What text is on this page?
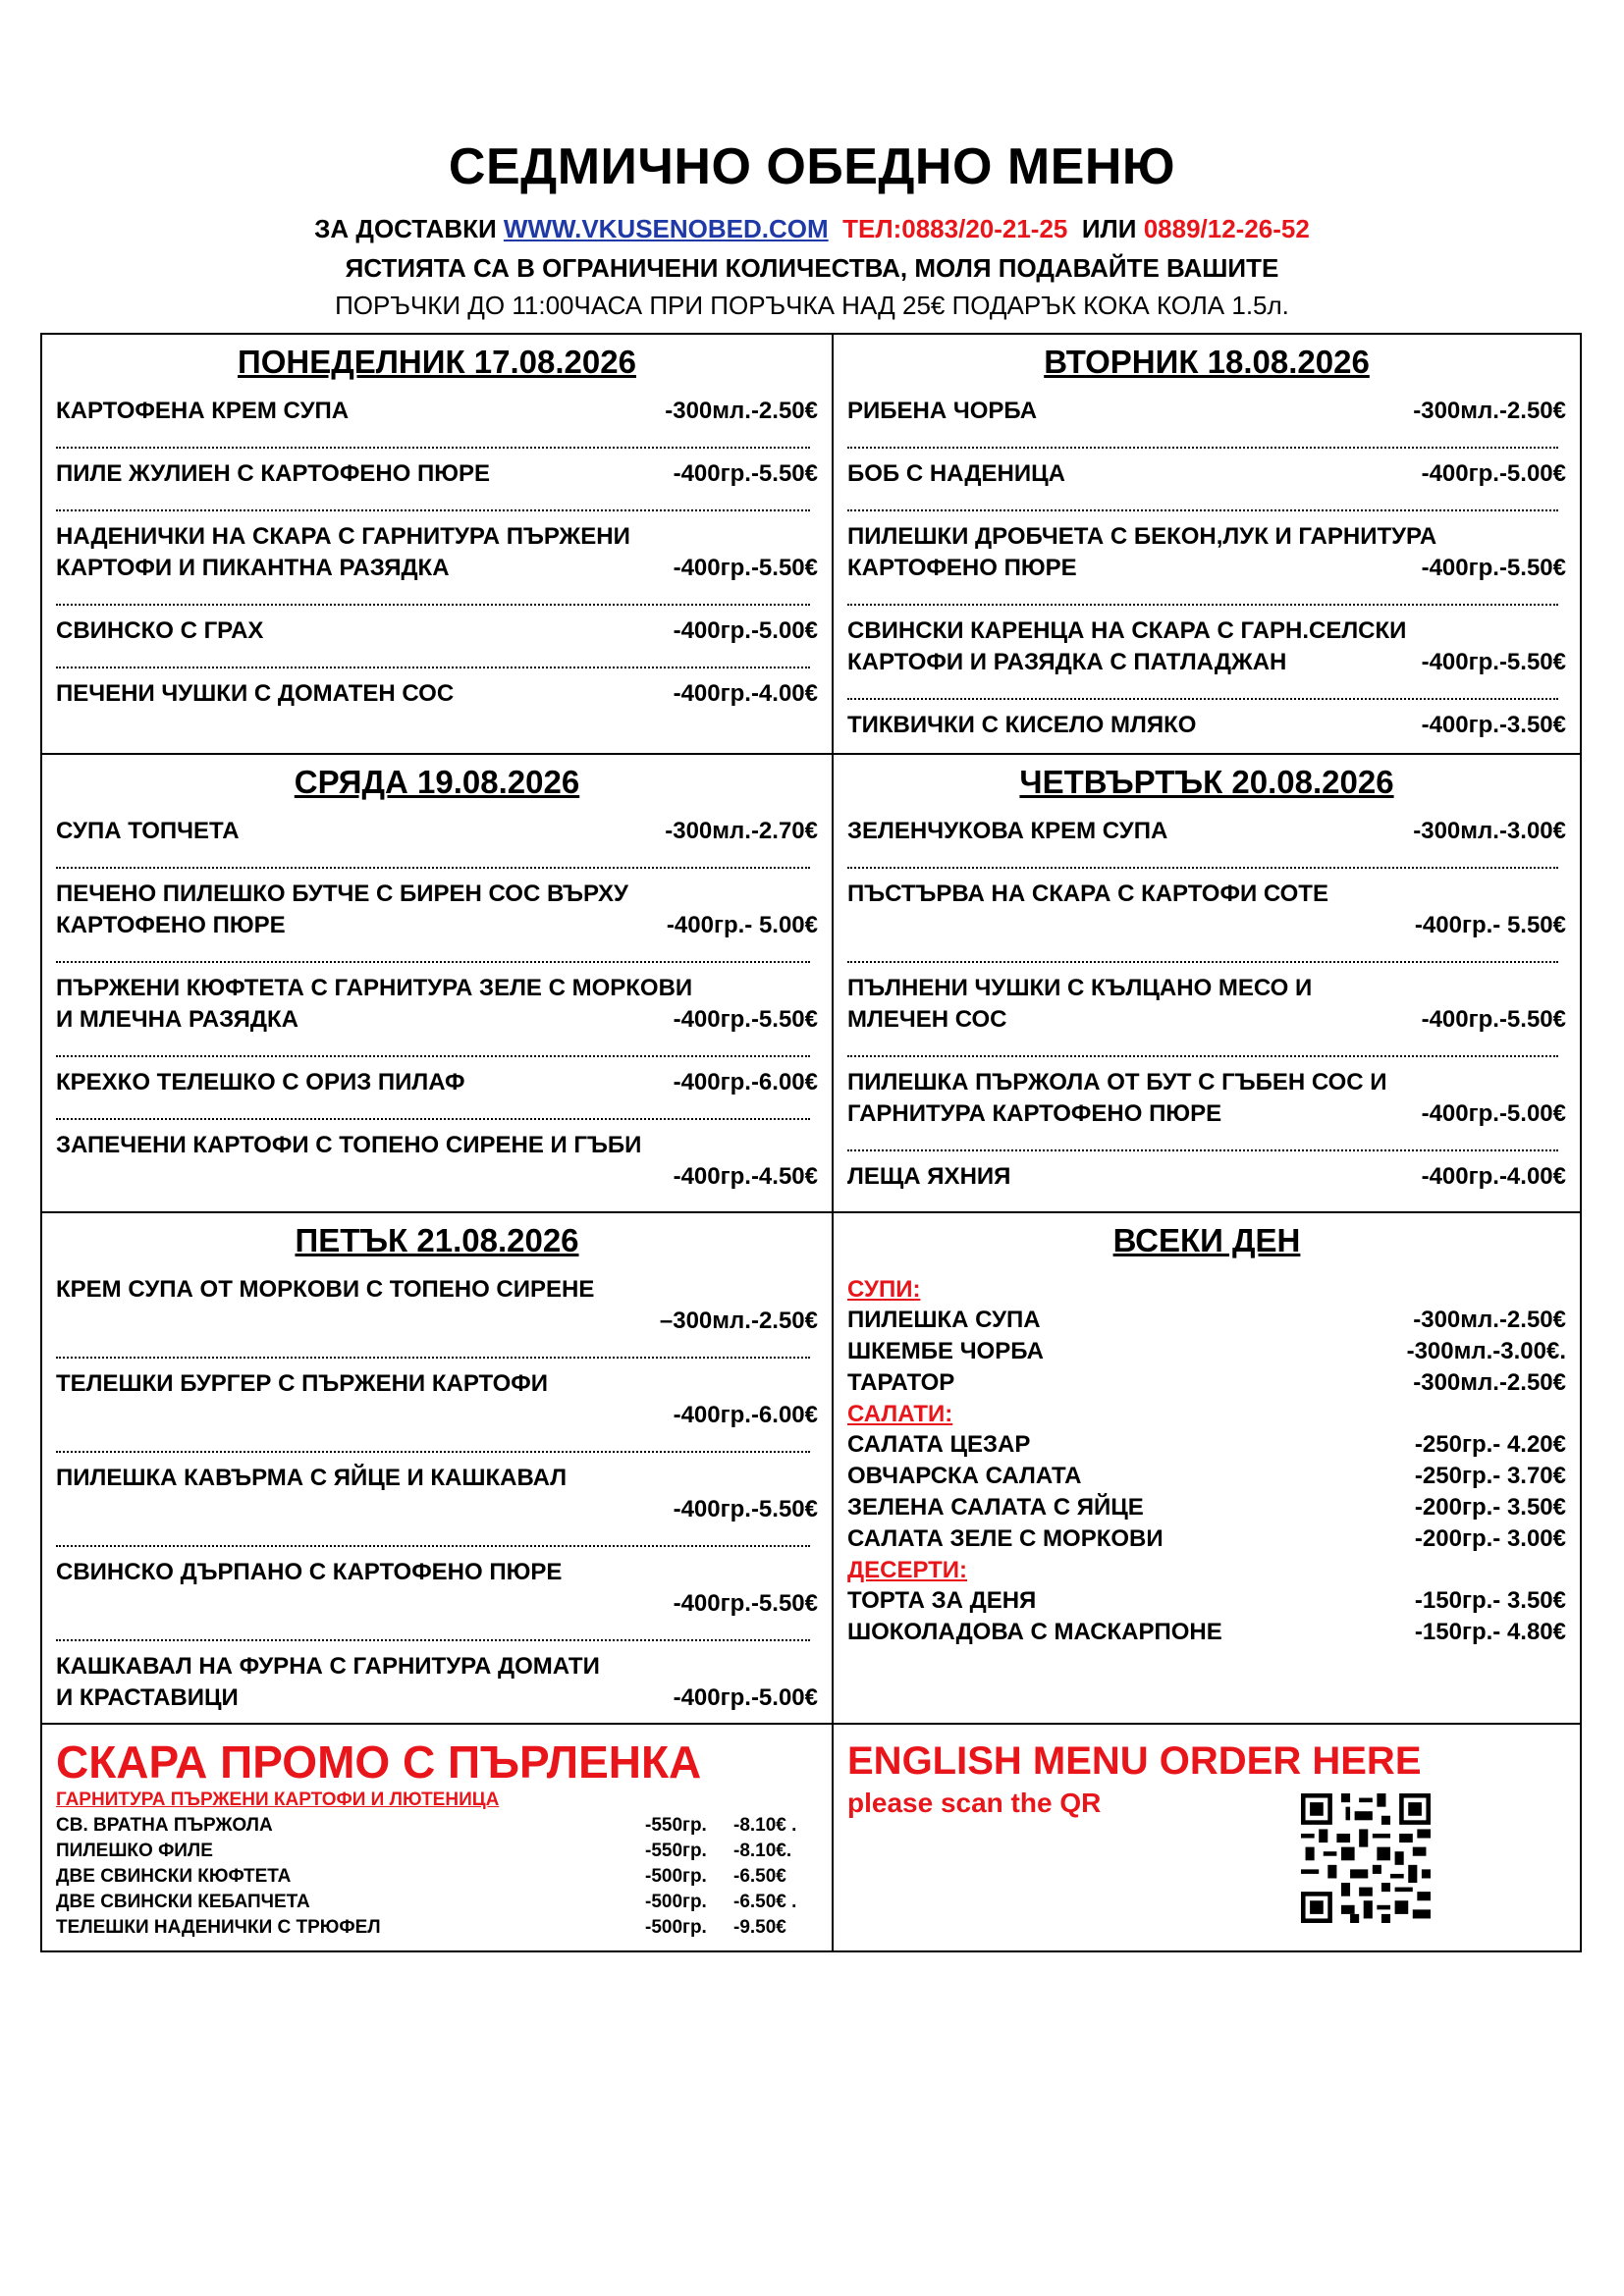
СЕДМИЧНО ОБЕДНО МЕНЮ
ЗА ДОСТАВКИ WWW.VKUSENOBED.COM ТЕЛ:0883/20-21-25 ИЛИ 0889/12-26-52
ЯСТИЯТА СА В ОГРАНИЧЕНИ КОЛИЧЕСТВА, МОЛЯ ПОДАВАЙТЕ ВАШИТЕ
ПОРЪЧКИ ДО 11:00ЧАСА ПРИ ПОРЪЧКА НАД 25€ ПОДАРЪК КОКА КОЛА 1.5л.
ПОНЕДЕЛНИК 17.08.2026
КАРТОФЕНА КРЕМ СУПА	-300мл.-2.50€
ПИЛЕ ЖУЛИЕН С КАРТОФЕНО ПЮРЕ	-400гр.-5.50€
НАДЕНИЧКИ НА СКАРА С ГАРНИТУРА ПЪРЖЕНИ
КАРТОФИ И ПИКАНТНА РАЗЯДКА	-400гр.-5.50€
СВИНСКО С ГРАХ	-400гр.-5.00€
ПЕЧЕНИ ЧУШКИ С ДОМАТЕН СОС	-400гр.-4.00€
ВТОРНИК 18.08.2026
РИБЕНА ЧОРБА	-300мл.-2.50€
БОБ С НАДЕНИЦА	-400гр.-5.00€
ПИЛЕШКИ ДРОБЧЕТА С БЕКОН,ЛУК И ГАРНИТУРА
КАРТОФЕНО ПЮРЕ	-400гр.-5.50€
СВИНСКИ КАРЕНЦА НА СКАРА С ГАРН.СЕЛСКИ
КАРТОФИ И РАЗЯДКА С ПАТЛАДЖАН	-400гр.-5.50€
ТИКВИЧКИ С КИСЕЛО МЛЯКО	-400гр.-3.50€
СРЯДА 19.08.2026
СУПА ТОПЧЕТА	-300мл.-2.70€
ПЕЧЕНО ПИЛЕШКО БУТЧЕ С БИРЕН СОС ВЪРХУ
КАРТОФЕНО ПЮРЕ	-400гр.- 5.00€
ПЪРЖЕНИ КЮФТЕТА С ГАРНИТУРА ЗЕЛЕ С МОРКОВИ
И МЛЕЧНА РАЗЯДКА	-400гр.-5.50€
КРЕХКО ТЕЛЕШКО С ОРИЗ ПИЛАФ	-400гр.-6.00€
ЗАПЕЧЕНИ КАРТОФИ С ТОПЕНО СИРЕНЕ И ГЪБИ
-400гр.-4.50€
ЧЕТВЪРТЪК 20.08.2026
ЗЕЛЕНЧУКОВА КРЕМ СУПА	-300мл.-3.00€
ПЪСТЪРВА НА СКАРА С КАРТОФИ СОТЕ
-400гр.- 5.50€
ПЪЛНЕНИ ЧУШКИ С КЪЛЦАНО МЕСО И
МЛЕЧЕН СОС	-400гр.-5.50€
ПИЛЕШКА ПЪРЖОЛА ОТ БУТ С ГЪБЕН СОС И
ГАРНИТУРА КАРТОФЕНО ПЮРЕ	-400гр.-5.00€
ЛЕЩА ЯХНИЯ	-400гр.-4.00€
ПЕТЪК 21.08.2026
КРЕМ СУПА ОТ МОРКОВИ С ТОПЕНО СИРЕНЕ
–300мл.-2.50€
ТЕЛЕШКИ БУРГЕР С ПЪРЖЕНИ КАРТОФИ
-400гр.-6.00€
ПИЛЕШКА КАВЪРМА С ЯЙЦЕ И КАШКАВАЛ
-400гр.-5.50€
СВИНСКО ДЪРПАНО С КАРТОФЕНО ПЮРЕ
-400гр.-5.50€
КАШКАВАЛ НА ФУРНА С ГАРНИТУРА ДОМАТИ
И КРАСТАВИЦИ	-400гр.-5.00€
ВСЕКИ ДЕН
СУПИ:
ПИЛЕШКА СУПА	-300мл.-2.50€
ШКЕМБЕ ЧОРБА	-300мл.-3.00€.
ТАРАТОР	-300мл.-2.50€
САЛАТИ:
САЛАТА ЦЕЗАР	-250гр.- 4.20€
ОВЧАРСКА САЛАТА	-250гр.- 3.70€
ЗЕЛЕНА САЛАТА С ЯЙЦЕ	-200гр.- 3.50€
САЛАТА ЗЕЛЕ С МОРКОВИ	-200гр.- 3.00€
ДЕСЕРТИ:
ТОРТА ЗА ДЕНЯ	-150гр.- 3.50€
ШОКОЛАДОВА С МАСКАРПОНЕ	-150гр.- 4.80€
СКАРА ПРОМО С ПЪРЛЕНКА
ГАРНИТУРА ПЪРЖЕНИ КАРТОФИ И ЛЮТЕНИЦА
СВ. ВРАТНА ПЪРЖОЛА	-550гр.	-8.10€ .
ПИЛЕШКО ФИЛЕ	-550гр.	-8.10€.
ДВЕ СВИНСКИ КЮФТЕТА	-500гр.	-6.50€
ДВЕ СВИНСКИ КЕБАПЧЕТА	-500гр.	-6.50€ .
ТЕЛЕШКИ НАДЕНИЧКИ С ТРЮФЕЛ	-500гр.	-9.50€
ENGLISH MENU ORDER HERE
please scan the QR
